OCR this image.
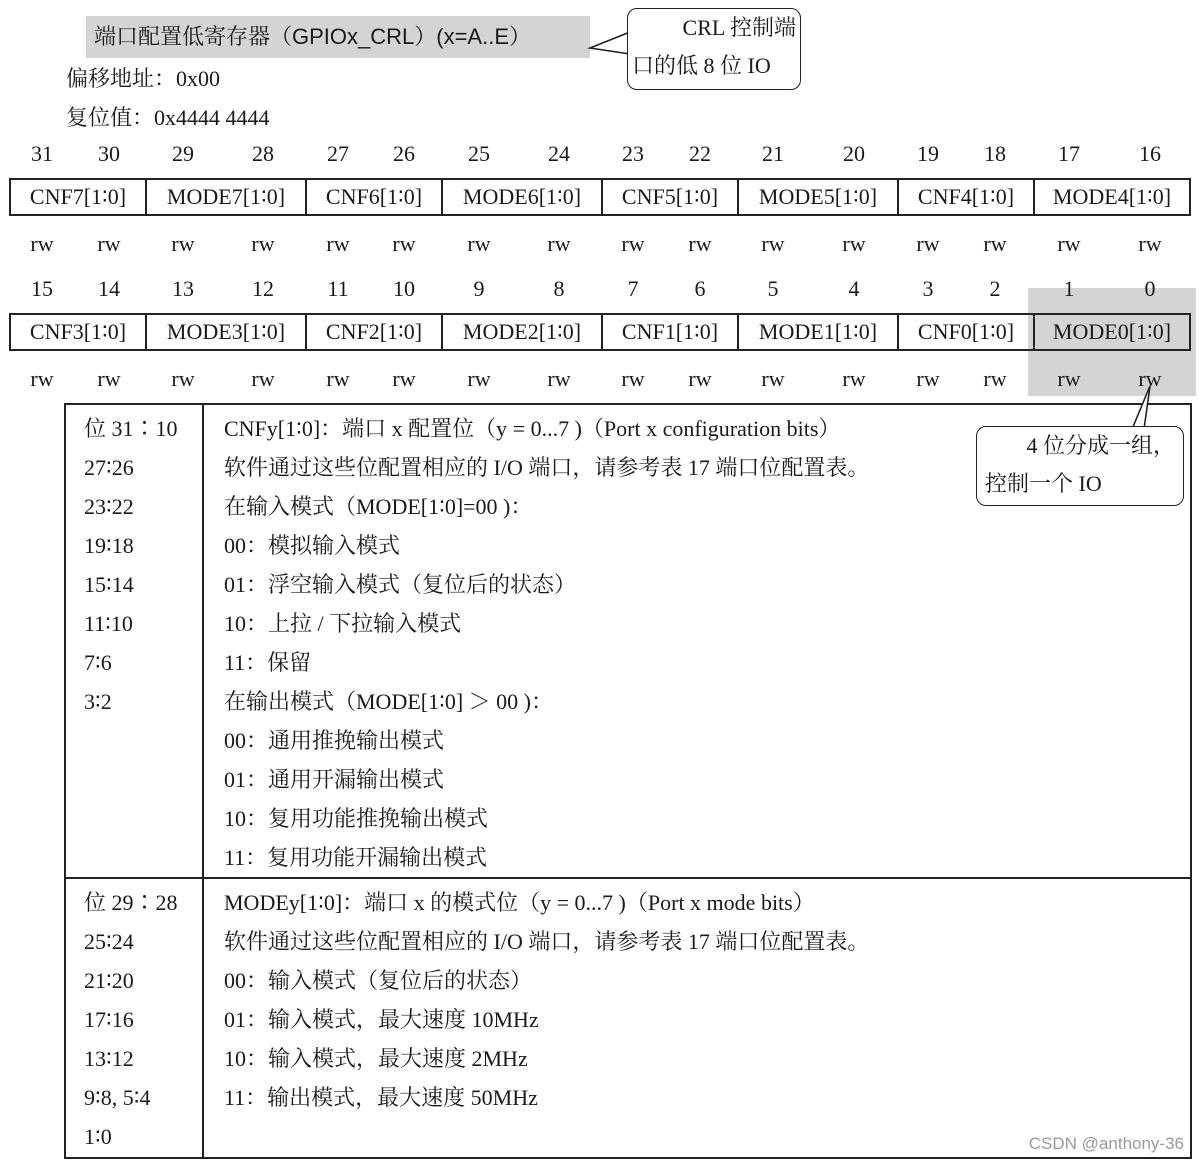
端口配置低寄存器（GPIOx_CRL）(x=A..E）
偏移地址：0x00
复位值：0x4444 4444
CRL 控制端
口的低 8 位 IO
31	30	29	28	27	26	25	24	23	22	21	20	19	18	17	16
CNF7[1∶0]	MODE7[1∶0]	CNF6[1∶0]	MODE6[1∶0]	CNF5[1∶0]	MODE5[1∶0]	CNF4[1∶0]	MODE4[1∶0]
rw	rw	rw	rw	rw	rw	rw	rw	rw	rw	rw	rw	rw	rw	rw	rw
15	14	13	12	11	10	9	8	7	6	5	4	3	2	1	0
CNF3[1∶0]	MODE3[1∶0]	CNF2[1∶0]	MODE2[1∶0]	CNF1[1∶0]	MODE1[1∶0]	CNF0[1∶0]	MODE0[1∶0]
rw	rw	rw	rw	rw	rw	rw	rw	rw	rw	rw	rw	rw	rw	rw	rw
位 31∶10
27∶26
23∶22
19∶18
15∶14
11∶10
7∶6
3∶2
CNFy[1∶0]：端口 x 配置位（y = 0...7 )（Port x configuration bits）
软件通过这些位配置相应的 I/O 端口，请参考表 17 端口位配置表。
在输入模式（MODE[1∶0]=00 )：
00：模拟输入模式
01：浮空输入模式（复位后的状态）
10：上拉 / 下拉输入模式
11：保留
在输出模式（MODE[1∶0] ＞ 00 )：
00：通用推挽输出模式
01：通用开漏输出模式
10：复用功能推挽输出模式
11：复用功能开漏输出模式
位 29∶28
25∶24
21∶20
17∶16
13∶12
9∶8, 5∶4
1∶0
MODEy[1∶0]：端口 x 的模式位（y = 0...7 )（Port x mode bits）
软件通过这些位配置相应的 I/O 端口，请参考表 17 端口位配置表。
00：输入模式（复位后的状态）
01：输入模式，最大速度 10MHz
10：输入模式，最大速度 2MHz
11：输出模式，最大速度 50MHz
4 位分成一组，
控制一个 IO
CSDN @anthony-36
